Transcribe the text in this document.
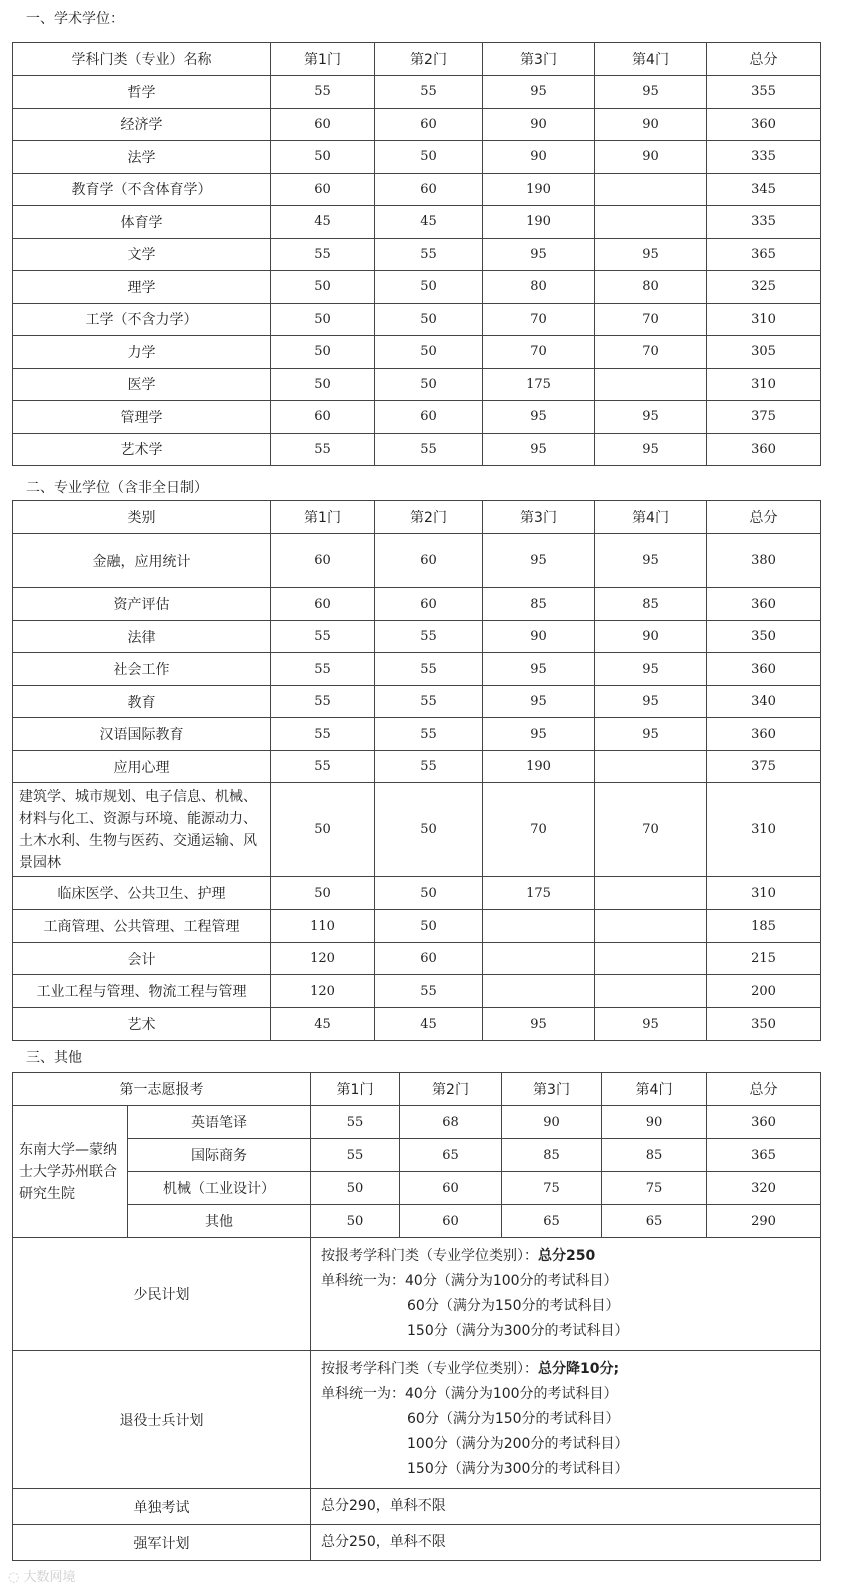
一、学术学位：
学科门类（专业）名称	第1门	第2门	第3门	第4门	总分
哲学	55	55	95	95	355
经济学	60	60	90	90	360
法学	50	50	90	90	335
教育学（不含体育学）	60	60	190		345
体育学	45	45	190		335
文学	55	55	95	95	365
理学	50	50	80	80	325
工学（不含力学）	50	50	70	70	310
力学	50	50	70	70	305
医学	50	50	175		310
管理学	60	60	95	95	375
艺术学	55	55	95	95	360
二、专业学位（含非全日制）
类别	第1门	第2门	第3门	第4门	总分
金融，应用统计	60	60	95	95	380
资产评估	60	60	85	85	360
法律	55	55	90	90	350
社会工作	55	55	95	95	360
教育	55	55	95	95	340
汉语国际教育	55	55	95	95	360
应用心理	55	55	190		375
建筑学、城市规划、电子信息、机械、材料与化工、资源与环境、能源动力、土木水利、生物与医药、交通运输、风景园林	50	50	70	70	310
临床医学、公共卫生、护理	50	50	175		310
工商管理、公共管理、工程管理	110	50			185
会计	120	60			215
工业工程与管理、物流工程与管理	120	55			200
艺术	45	45	95	95	350
三、其他
第一志愿报考		第1门	第2门	第3门	第4门	总分
东南大学—蒙纳士大学苏州联合研究生院	英语笔译	55	68	90	90	360
	国际商务	55	65	85	85	365
	机械（工业设计）	50	60	75	75	320
	其他	50	60	65	65	290
少民计划		按报考学科门类（专业学位类别）：总分250
单科统一为：40分（满分为100分的考试科目）
60分（满分为150分的考试科目）
150分（满分为300分的考试科目）				

退役士兵计划		按报考学科门类（专业学位类别）：总分降10分;
单科统一为：40分（满分为100分的考试科目）
60分（满分为150分的考试科目）
100分（满分为200分的考试科目）
150分（满分为300分的考试科目）				

单独考试		总分290，单科不限				
强军计划		总分250，单科不限				
◌ 大数网境
